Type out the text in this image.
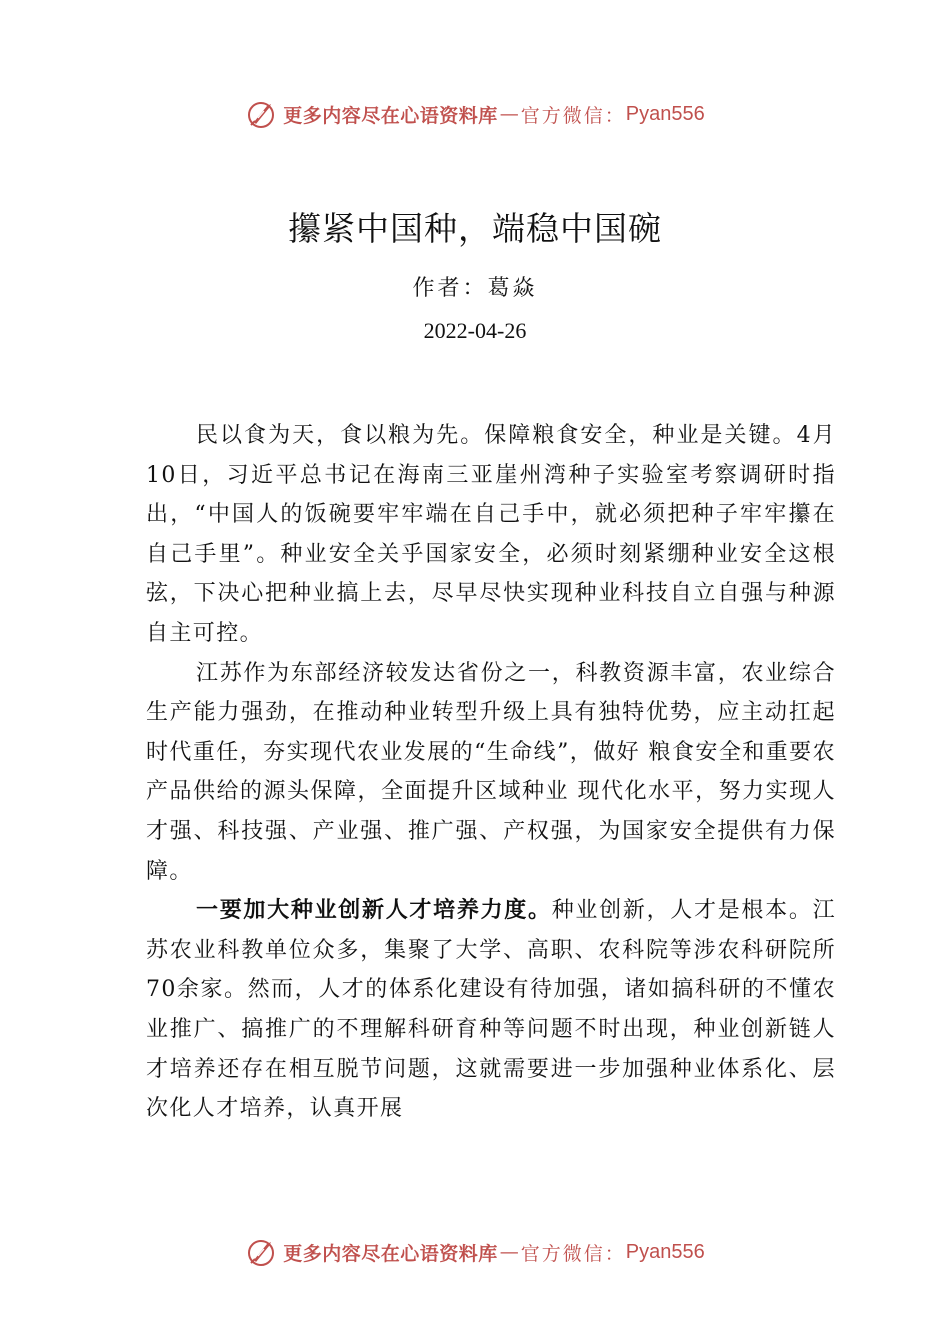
更多内容尽在心语资料库 — 官方微信： Pyan556
攥紧中国种，端稳中国碗
作者：葛焱
2022-04-26

民以食为天，食以粮为先。保障粮食安全，种业是关键。4月 10日，习近平总书记在海南三亚崖州湾种子实验室考察调研时指出，“中国人的饭碗要牢牢端在自己手中，就必须把种子牢牢攥在自己手里”。种业安全关乎国家安全，必须时刻紧绷种业安全这根弦，下决心把种业搞上去，尽早尽快实现种业科技自立自强与种源自主可控。

江苏作为东部经济较发达省份之一，科教资源丰富，农业综合生产能力强劲，在推动种业转型升级上具有独特优势，应主动扛起时代重任，夯实现代农业发展的“生命线”，做好 粮食安全和重要农产品供给的源头保障，全面提升区域种业 现代化水平，努力实现人才强、科技强、产业强、推广强、产权强，为国家安全提供有力保障。

一要加大种业创新人才培养力度。种业创新，人才是根本。江苏农业科教单位众多，集聚了大学、高职、农科院等涉农科研院所 70余家。然而，人才的体系化建设有待加强，诸如搞科研的不懂农业推广、搞推广的不理解科研育种等问题不时出现，种业创新链人才培养还存在相互脱节问题，这就需要进一步加强种业体系化、层次化人才培养，认真开展

更多内容尽在心语资料库 — 官方微信： Pyan556
